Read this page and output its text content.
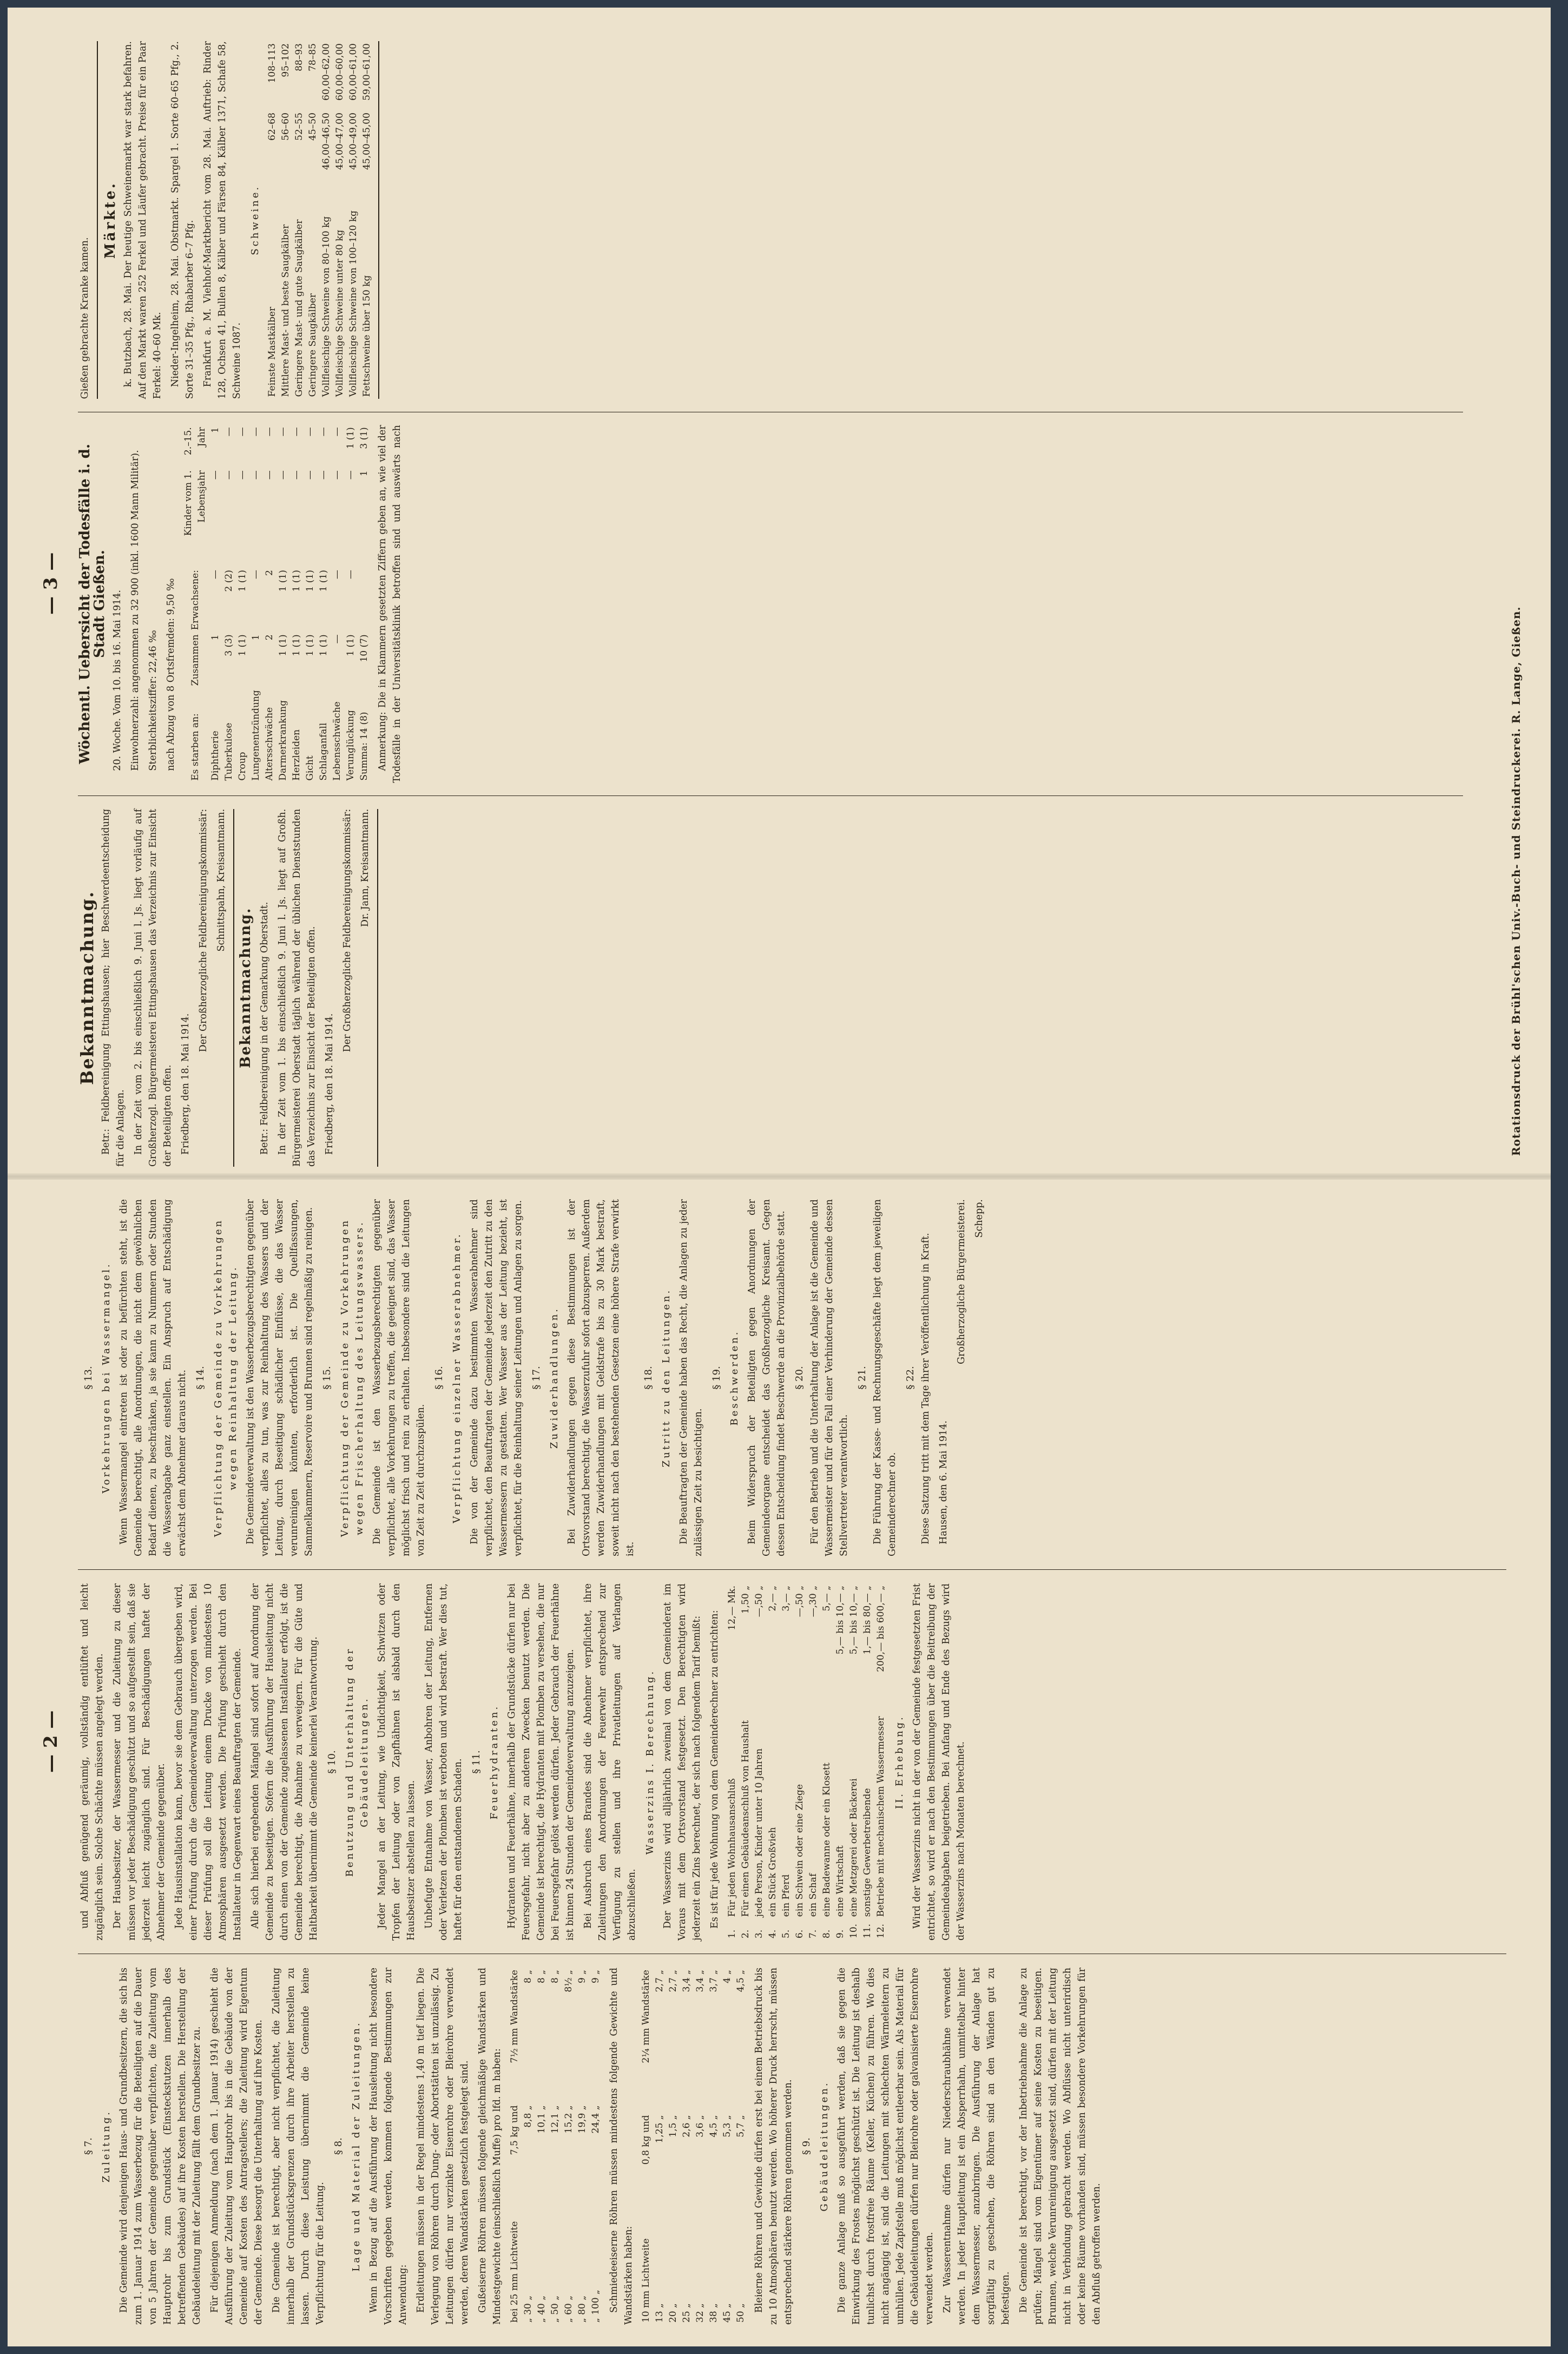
— 2 —
§ 7. Zuleitung. Die Gemeinde wird denjenigen Haus- und Grundbesitzern, die sich bis zum 1. Januar 1914 zum Wasserbezug für die Beteiligten auf die Dauer von 5 Jahren der Gemeinde gegenüber verpflichten, die Zuleitung vom Hauptrohr bis zum Grundstück (Einsteckstutzen innerhalb des betreffenden Gebäudes) auf ihre Kosten herstellen. Die Herstellung der Gebäudeleitung mit der Zuleitung fällt dem Grundbesitzer zu. Für diejenigen Anmeldung (nach dem 1. Januar 1914) geschieht die Ausführung der Zuleitung vom Hauptrohr bis in die Gebäude von der Gemeinde auf Kosten des Antragstellers; die Zuleitung wird Eigentum der Gemeinde. Diese besorgt die Unterhaltung auf ihre Kosten. Die Gemeinde ist berechtigt, aber nicht verpflichtet, die Zuleitung innerhalb der Grundstücksgrenzen durch ihre Arbeiter herstellen zu lassen. Durch diese Leistung übernimmt die Gemeinde keine Verpflichtung für die Leitung.

§ 8. Lage und Material der Zuleitungen. Wenn in Bezug auf die Ausführung der Hausleitung nicht besondere Vorschriften gegeben werden, kommen folgende Bestimmungen zur Anwendung: Erdleitungen müssen in der Regel mindestens 1,40 m tief liegen. Die Verlegung von Röhren durch Dung- oder Abortstätten ist unzulässig. Zu Leitungen dürfen nur verzinkte Eisenrohre oder Bleirohre verwendet werden, deren Wandstärken gesetzlich festgelegt sind. Gußeiserne Röhren müssen folgende gleichmäßige Wandstärken und Mindestgewichte (einschließlich Muffe) pro lfd. m haben: bei 25 mm Lichtweite	7,5 kg und	7½ mm Wandstärke
„ 30 „	8,8 „	8 „
„ 40 „	10,1 „	8 „
„ 50 „	12,1 „	8 „
„ 60 „	15,2 „	8½ „
„ 80 „	19,9 „	9 „
„ 100 „	24,4 „	9 „ Schmiedeeiserne Röhren müssen mindestens folgende Gewichte und Wandstärken haben: 10 mm Lichtweite	0,8 kg und	2¼ mm Wandstärke
13 „	1,25 „	2,7 „
20 „	1,5 „	2,7 „
25 „	2,6 „	3,4 „
32 „	3,6 „	3,4 „
38 „	4,5 „	3,7 „
45 „	5,3 „	4 „
50 „	5,7 „	4,5 „ Bleierne Röhren und Gewinde dürfen erst bei einem Betriebsdruck bis zu 10 Atmosphären benutzt werden. Wo höherer Druck herrscht, müssen entsprechend stärkere Röhren genommen werden. § 9. Gebäudeleitungen. Die ganze Anlage muß so ausgeführt werden, daß sie gegen die Einwirkung des Frostes möglichst geschützt ist. Die Leitung ist deshalb tunlichst durch frostfreie Räume (Keller, Küchen) zu führen. Wo dies nicht angängig ist, sind die Leitungen mit schlechten Wärmeleitern zu umhüllen. Jede Zapfstelle muß möglichst entleerbar sein. Als Material für die Gebäudeleitungen dürfen nur Bleirohre oder galvanisierte Eisenrohre verwendet werden. Zur Wasserentnahme dürfen nur Niederschraubhähne verwendet werden. In jeder Hauptleitung ist ein Absperrhahn, unmittelbar hinter dem Wassermesser, anzubringen. Die Ausführung der Anlage hat sorgfältig zu geschehen, die Röhren sind an den Wänden gut zu befestigen. Die Gemeinde ist berechtigt, vor der Inbetriebnahme die Anlage zu prüfen; Mängel sind vom Eigentümer auf seine Kosten zu beseitigen. Brunnen, welche Verunreinigung ausgesetzt sind, dürfen mit der Leitung nicht in Verbindung gebracht werden. Wo Abflüsse nicht unterirdisch oder keine Räume vorhanden sind, müssen besondere Vorkehrungen für den Abfluß getroffen werden.

und Abfluß genügend geräumig, vollständig entlüftet und leicht zugänglich sein. Solche Schächte müssen angelegt werden. Der Hausbesitzer, der Wassermesser und die Zuleitung zu dieser müssen vor jeder Beschädigung geschützt und so aufgestellt sein, daß sie jederzeit leicht zugänglich sind. Für Beschädigungen haftet der Abnehmer der Gemeinde gegenüber. Jede Hausinstallation kann, bevor sie dem Gebrauch übergeben wird, einer Prüfung durch die Gemeindeverwaltung unterzogen werden. Bei dieser Prüfung soll die Leitung einem Drucke von mindestens 10 Atmosphären ausgesetzt werden. Die Prüfung geschieht durch den Installateur in Gegenwart eines Beauftragten der Gemeinde. Alle sich hierbei ergebenden Mängel sind sofort auf Anordnung der Gemeinde zu beseitigen. Sofern die Ausführung der Hausleitung nicht durch einen von der Gemeinde zugelassenen Installateur erfolgt, ist die Gemeinde berechtigt, die Abnahme zu verweigern. Für die Güte und Haltbarkeit übernimmt die Gemeinde keinerlei Verantwortung. § 10. Benutzung und Unterhaltung der Gebäudeleitungen. Jeder Mangel an der Leitung, wie Undichtigkeit, Schwitzen oder Tropfen der Leitung oder von Zapfhähnen ist alsbald durch den Hausbesitzer abstellen zu lassen. Unbefugte Entnahme von Wasser, Anbohren der Leitung, Entfernen oder Verletzen der Plomben ist verboten und wird bestraft. Wer dies tut, haftet für den entstandenen Schaden. § 11. Feuerhydranten. Hydranten und Feuerhähne, innerhalb der Grundstücke dürfen nur bei Feuersgefahr, nicht aber zu anderen Zwecken benutzt werden. Die Gemeinde ist berechtigt, die Hydranten mit Plomben zu versehen, die nur bei Feuersgefahr gelöst werden dürfen. Jeder Gebrauch der Feuerhähne ist binnen 24 Stunden der Gemeindeverwaltung anzuzeigen. Bei Ausbruch eines Brandes sind die Abnehmer verpflichtet, ihre Zuleitungen den Anordnungen der Feuerwehr entsprechend zur Verfügung zu stellen und ihre Privatleitungen auf Verlangen abzuschließen.

Wasserzins I. Berechnung. Der Wasserzins wird alljährlich zweimal von dem Gemeinderat im Voraus mit dem Ortsvorstand festgesetzt. Den Berechtigten wird jederzeit ein Zins berechnet, der sich nach folgendem Tarif bemißt: Es ist für jede Wohnung von dem Gemeinderechner zu entrichten:

1.	Für jeden Wohnhausanschluß	12,— Mk.
2.	Für einen Gebäudeanschluß von Haushalt	1,50 „
3.	jede Person, Kinder unter 10 Jahren	—,50 „
4.	ein Stück Großvieh	2,— „
5.	ein Pferd	3,— „
6.	ein Schwein oder eine Ziege	—,50 „
7.	ein Schaf	—,30 „
8.	eine Badewanne oder ein Klosett	5,— „
9.	eine Wirtschaft	5,— bis 10,— „
10.	eine Metzgerei oder Bäckerei	5,— bis 10,— „
11.	sonstige Gewerbetreibende	1,— bis 80,— „
12.	Betriebe mit mechanischem Wassermesser	200,— bis 600,— „
II. Erhebung. Wird der Wasserzins nicht in der von der Gemeinde festgesetzten Frist entrichtet, so wird er nach den Bestimmungen über die Beitreibung der Gemeindeabgaben beigetrieben. Bei Anfang und Ende des Bezugs wird der Wasserzins nach Monaten berechnet.

§ 13. Vorkehrungen bei Wassermangel. Wenn Wassermangel eintreten ist oder zu befürchten steht, ist die Gemeinde berechtigt, alle Anordnungen, die nicht dem gewöhnlichen Bedarf dienen, zu beschränken, ja sie kann zu Nummern oder Stunden die Wasserabgabe ganz einstellen. Ein Anspruch auf Entschädigung erwächst dem Abnehmer daraus nicht. § 14. Verpflichtung der Gemeinde zu Vorkehrungen wegen Reinhaltung der Leitung. Die Gemeindeverwaltung ist den Wasserbezugsberechtigten gegenüber verpflichtet, alles zu tun, was zur Reinhaltung des Wassers und der Leitung, durch Beseitigung schädlicher Einflüsse, die das Wasser verunreinigen könnten, erforderlich ist. Die Quellfassungen, Sammelkammern, Reservoire und Brunnen sind regelmäßig zu reinigen. § 15. Verpflichtung der Gemeinde zu Vorkehrungen wegen Frischerhaltung des Leitungswassers. Die Gemeinde ist den Wasserbezugsberechtigten gegenüber verpflichtet, alle Vorkehrungen zu treffen, die geeignet sind, das Wasser möglichst frisch und rein zu erhalten. Insbesondere sind die Leitungen von Zeit zu Zeit durchzuspülen.

§ 16. Verpflichtung einzelner Wasserabnehmer. Die von der Gemeinde dazu bestimmten Wasserabnehmer sind verpflichtet, den Beauftragten der Gemeinde jederzeit den Zutritt zu den Wassermessern zu gestatten. Wer Wasser aus der Leitung bezieht, ist verpflichtet, für die Reinhaltung seiner Leitungen und Anlagen zu sorgen. § 17. Zuwiderhandlungen. Bei Zuwiderhandlungen gegen diese Bestimmungen ist der Ortsvorstand berechtigt, die Wasserzufuhr sofort abzusperren. Außerdem werden Zuwiderhandlungen mit Geldstrafe bis zu 30 Mark bestraft, soweit nicht nach den bestehenden Gesetzen eine höhere Strafe verwirkt ist.

§ 18. Zutritt zu den Leitungen. Die Beauftragten der Gemeinde haben das Recht, die Anlagen zu jeder zulässigen Zeit zu besichtigen.

§ 19. Beschwerden. Beim Widerspruch der Beteiligten gegen Anordnungen der Gemeindeorgane entscheidet das Großherzogliche Kreisamt. Gegen dessen Entscheidung findet Beschwerde an die Provinzialbehörde statt. § 20. Für den Betrieb und die Unterhaltung der Anlage ist die Gemeinde und Wassermeister und für den Fall einer Verhinderung der Gemeinde dessen Stellvertreter verantwortlich.

§ 21. Die Führung der Kasse- und Rechnungsgeschäfte liegt dem jeweiligen Gemeinderechner ob.

§ 22. Diese Satzung tritt mit dem Tage ihrer Veröffentlichung in Kraft. Hausen, den 6. Mai 1914.

Großherzogliche Bürgermeisterei. Schepp.

— 3 —
Bekanntmachung. Betr.: Feldbereinigung Ettingshausen; hier Beschwerdeentscheidung für die Anlagen. In der Zeit vom 2. bis einschließlich 9. Juni l. Js. liegt vorläufig auf Großherzogl. Bürgermeisterei Ettingshausen das Verzeichnis zur Einsicht der Beteiligten offen. Friedberg, den 18. Mai 1914.

Der Großherzogliche Feldbereinigungskommissär: Schnittspahn, Kreisamtmann.

Bekanntmachung. Betr.: Feldbereinigung in der Gemarkung Oberstadt. In der Zeit vom 1. bis einschließlich 9. Juni l. Js. liegt auf Großh. Bürgermeisterei Oberstadt täglich während der üblichen Dienststunden das Verzeichnis zur Einsicht der Beteiligten offen. Friedberg, den 18. Mai 1914.

Der Großherzogliche Feldbereinigungskommissär: Dr. Jann, Kreisamtmann.

Wöchentl. Uebersicht der Todesfälle i. d. Stadt Gießen. 20. Woche. Vom 10. bis 16. Mai 1914. Einwohnerzahl: angenommen zu 32 900 (inkl. 1600 Mann Militär). Sterblichkeitsziffer: 22,46 ‰ nach Abzug von 8 Ortsfremden: 9,50 ‰ Es starben an:	Zusammen	Erwachsene:	Kinder vom 1. Lebensjahr	2.–15. Jahr
Diphtherie	1	—	—	1
Tuberkulose	3 (3)	2 (2)	—	—
Croup	1 (1)	1 (1)	—	—
Lungenentzündung	1	—	—	—
Altersschwäche	2	2	—	—
Darmerkrankung	1 (1)	1 (1)	—	—
Herzleiden	1 (1)	1 (1)	—	—
Gicht	1 (1)	1 (1)	—	—
Schlaganfall	1 (1)	1 (1)	—	—
Lebensschwäche	—	—	—	—
Verunglückung	1 (1)	—	—	1 (1)
Summa: 14 (8)	10 (7)		1	3 (1) Anmerkung: Die in Klammern gesetzten Ziffern geben an, wie viel der Todesfälle in der Universitätsklinik betroffen sind und auswärts nach Gießen gebrachte Kranke kamen.

Märkte. k. Butzbach, 28. Mai. Der heutige Schweinemarkt war stark befahren. Auf den Markt waren 252 Ferkel und Läufer gebracht. Preise für ein Paar Ferkel: 40–60 Mk. Nieder-Ingelheim, 28. Mai. Obstmarkt. Spargel 1. Sorte 60–65 Pfg., 2. Sorte 31–35 Pfg., Rhabarber 6–7 Pfg. Frankfurt a. M. Viehhof-Marktbericht vom 28. Mai. Auftrieb: Rinder 128, Ochsen 41, Bullen 8, Kälber und Färsen 84, Kälber 1371, Schafe 58, Schweine 1087.

Schweine.
Feinste Mastkälber		62–68	108–113
Mittlere Mast- und beste Saugkälber		56–60	95–102
Geringere Mast- und gute Saugkälber		52–55	88–93
Geringere Saugkälber		45–50	78–85
Vollfleischige Schweine von 80–100 kg		46,00–46,50	60,00–62,00
Vollfleischige Schweine unter 80 kg		45,00–47,00	60,00–60,00
Vollfleischige Schweine von 100–120 kg		45,00–49,00	60,00–61,00
Fettschweine über 150 kg		45,00–45,00	59,00–61,00
Rotationsdruck der Brühl'schen Univ.-Buch- und Steindruckerei. R. Lange, Gießen.
